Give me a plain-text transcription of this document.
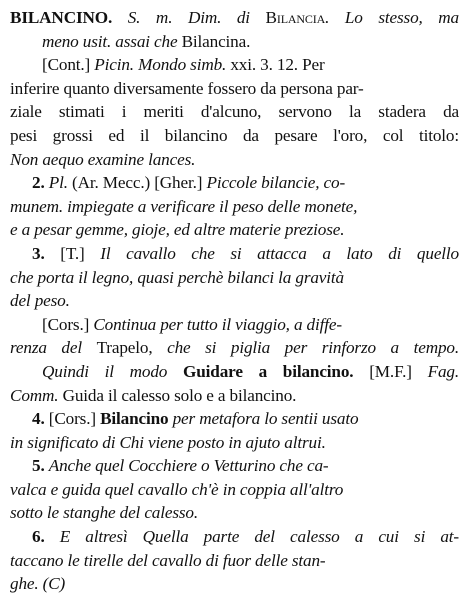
BILANCINO. S. m. Dim. di Bilancia. Lo stesso, ma
meno usit. assai che Bilancina.
[Cont.] Picin. Mondo simb. xxi. 3. 12. Per
inferire quanto diversamente fossero da persona par-
ziale stimati i meriti d'alcuno, servono la stadera da
pesi grossi ed il bilancino da pesare l'oro, col titolo:
Non aequo examine lances.
2. Pl. (Ar. Mecc.) [Gher.] Piccole bilancie, co-
munem. impiegate a verificare il peso delle monete,
e a pesar gemme, gioje, ed altre materie preziose.
3. [T.] Il cavallo che si attacca a lato di quello
che porta il legno, quasi perchè bilanci la gravità
del peso.
[Cors.] Continua per tutto il viaggio, a diffe-
renza del Trapelo, che si piglia per rinforzo a tempo.
Quindi il modo Guidare a bilancino. [M.F.] Fag.
Comm. Guida il calesso solo e a bilancino.
4. [Cors.] Bilancino per metafora lo sentii usato
in significato di Chi viene posto in ajuto altrui.
5. Anche quel Cocchiere o Vetturino che ca-
valca e guida quel cavallo ch'è in coppia all'altro
sotto le stanghe del calesso.
6. E altresì Quella parte del calesso a cui si at-
taccano le tirelle del cavallo di fuor delle stan-
ghe. (C)
